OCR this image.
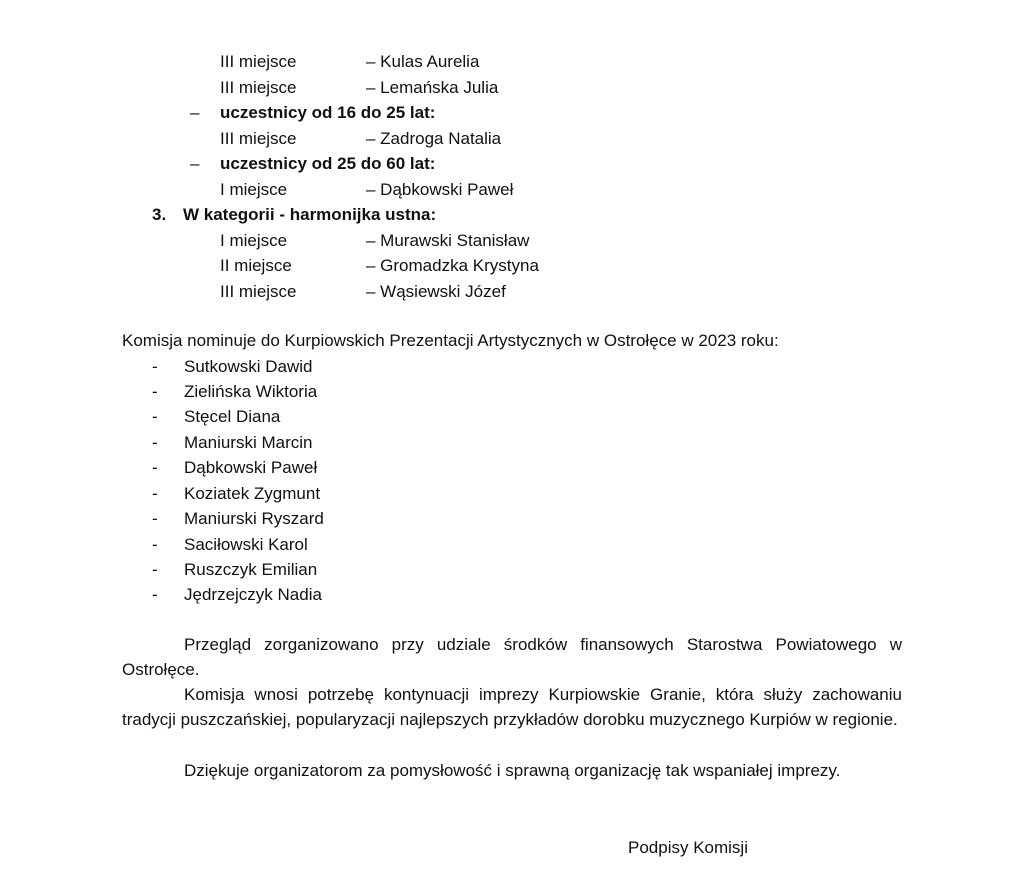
III miejsce	– Kulas Aurelia
III miejsce	– Lemańska Julia
– uczestnicy od 16 do 25 lat:
III miejsce	– Zadroga Natalia
– uczestnicy od 25 do 60 lat:
I miejsce	– Dąbkowski Paweł
3. W kategorii - harmonijka ustna:
I miejsce	– Murawski Stanisław
II miejsce	– Gromadzka Krystyna
III miejsce	– Wąsiewski Józef
Komisja nominuje do Kurpiowskich Prezentacji Artystycznych w Ostrołęce w 2023 roku:
- Sutkowski Dawid
- Zielińska Wiktoria
- Stęcel Diana
- Maniurski Marcin
- Dąbkowski Paweł
- Koziatek Zygmunt
- Maniurski Ryszard
- Saciłowski Karol
- Ruszczyk Emilian
- Jędrzejczyk Nadia
Przegląd zorganizowano przy udziale środków finansowych Starostwa Powiatowego w Ostrołęce.
Komisja wnosi potrzebę kontynuacji imprezy Kurpiowskie Granie, która służy zachowaniu tradycji puszczańskiej, popularyzacji najlepszych przykładów dorobku muzycznego Kurpiów w regionie.
Dziękuje organizatorom za pomysłowość i sprawną organizację tak wspaniałej imprezy.
Podpisy Komisji
